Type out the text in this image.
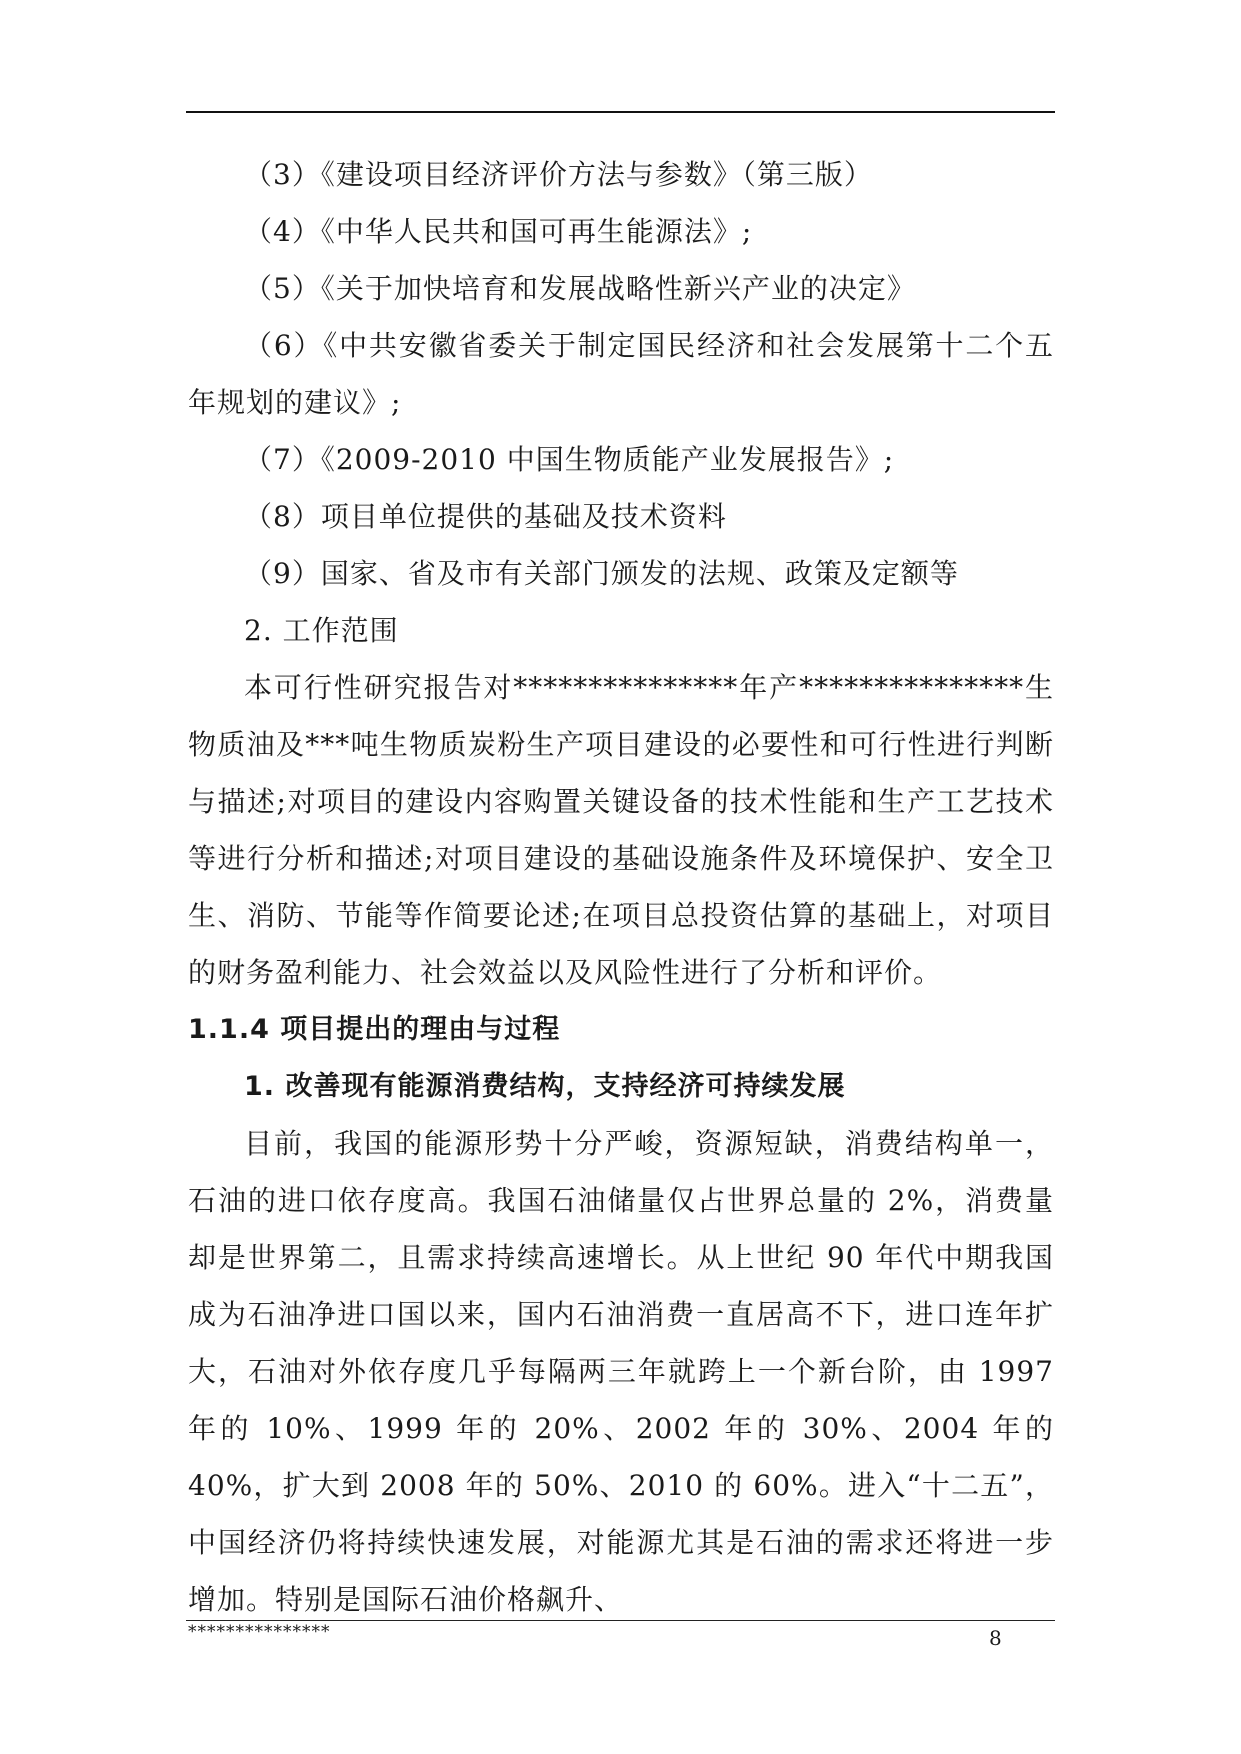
（3）《建设项目经济评价方法与参数》（第三版）

（4）《中华人民共和国可再生能源法》;

（5）《关于加快培育和发展战略性新兴产业的决定》

（6）《中共安徽省委关于制定国民经济和社会发展第十二个五年规划的建议》;

（7）《2009-2010 中国生物质能产业发展报告》;

（8）项目单位提供的基础及技术资料

（9）国家、省及市有关部门颁发的法规、政策及定额等

2. 工作范围

本可行性研究报告对***************年产***************生物质油及***吨生物质炭粉生产项目建设的必要性和可行性进行判断与描述;对项目的建设内容购置关键设备的技术性能和生产工艺技术等进行分析和描述;对项目建设的基础设施条件及环境保护、安全卫生、消防、节能等作简要论述;在项目总投资估算的基础上，对项目的财务盈利能力、社会效益以及风险性进行了分析和评价。

1.1.4 项目提出的理由与过程

1. 改善现有能源消费结构，支持经济可持续发展

目前，我国的能源形势十分严峻，资源短缺，消费结构单一，石油的进口依存度高。我国石油储量仅占世界总量的 2%，消费量却是世界第二，且需求持续高速增长。从上世纪 90 年代中期我国成为石油净进口国以来，国内石油消费一直居高不下，进口连年扩大，石油对外依存度几乎每隔两三年就跨上一个新台阶，由 1997 年的 10%、1999 年的 20%、2002 年的 30%、2004 年的 40%，扩大到 2008 年的 50%、2010 的 60%。进入“十二五”，中国经济仍将持续快速发展，对能源尤其是石油的需求还将进一步增加。特别是国际石油价格飙升、

***************	8
